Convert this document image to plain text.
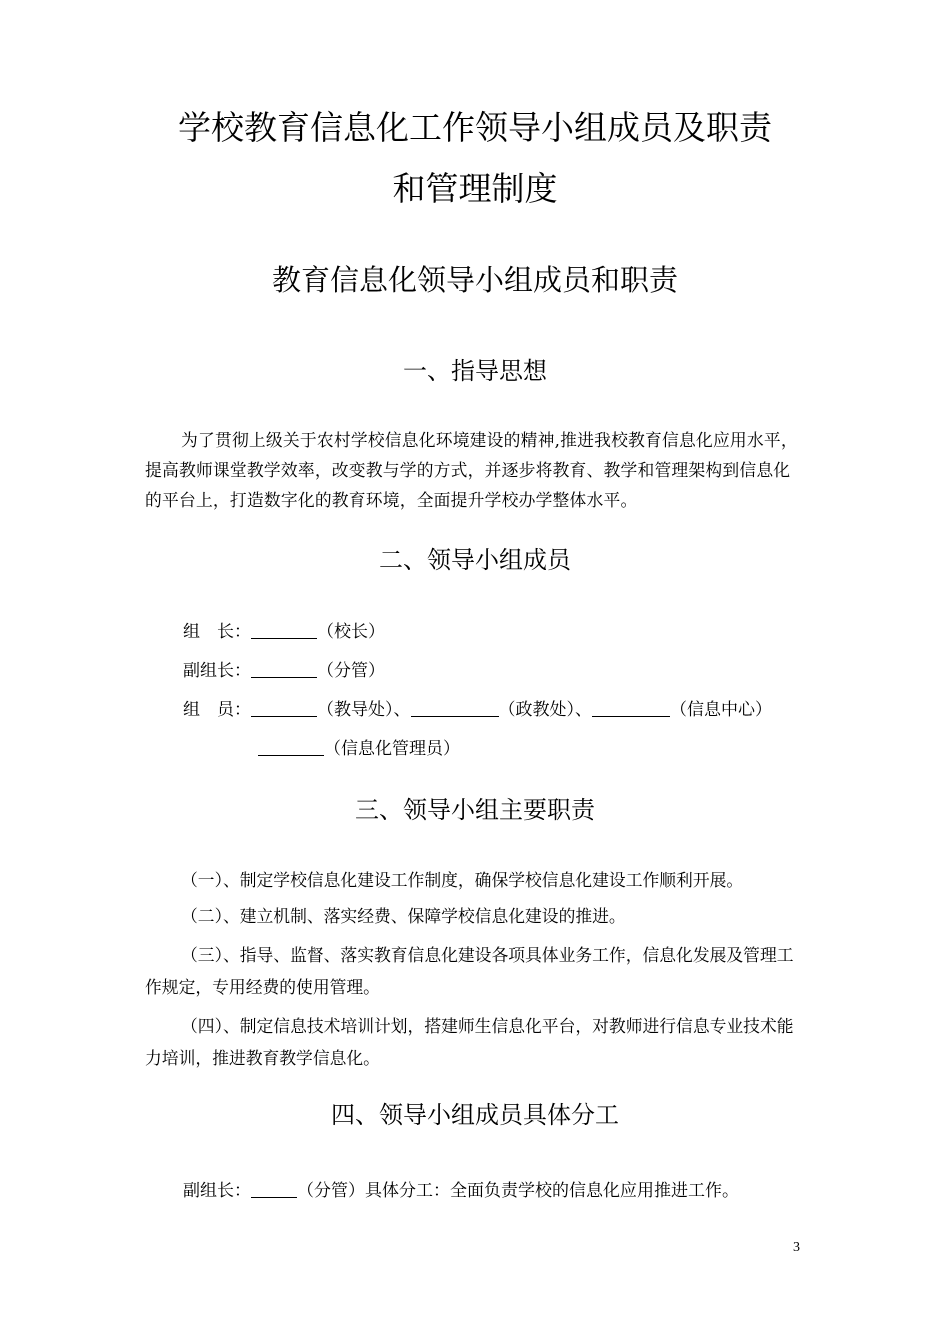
学校教育信息化工作领导小组成员及职责
和管理制度
教育信息化领导小组成员和职责
一、指导思想

为了贯彻上级关于农村学校信息化环境建设的精神,推进我校教育信息化应用水平，提高教师课堂教学效率，改变教与学的方式，并逐步将教育、教学和管理架构到信息化的平台上，打造数字化的教育环境，全面提升学校办学整体水平。

二、领导小组成员
组　长：	（校长）
副组长：	（分管）
组　员：	（教导处）、	（政教处）、	（信息中心）
（信息化管理员）
三、领导小组主要职责

（一）、制定学校信息化建设工作制度，确保学校信息化建设工作顺利开展。

（二）、建立机制、落实经费、保障学校信息化建设的推进。

（三）、指导、监督、落实教育信息化建设各项具体业务工作，信息化发展及管理工作规定，专用经费的使用管理。

（四）、制定信息技术培训计划，搭建师生信息化平台，对教师进行信息专业技术能力培训，推进教育教学信息化。

四、领导小组成员具体分工
副组长：	（分管）具体分工：全面负责学校的信息化应用推进工作。
3
